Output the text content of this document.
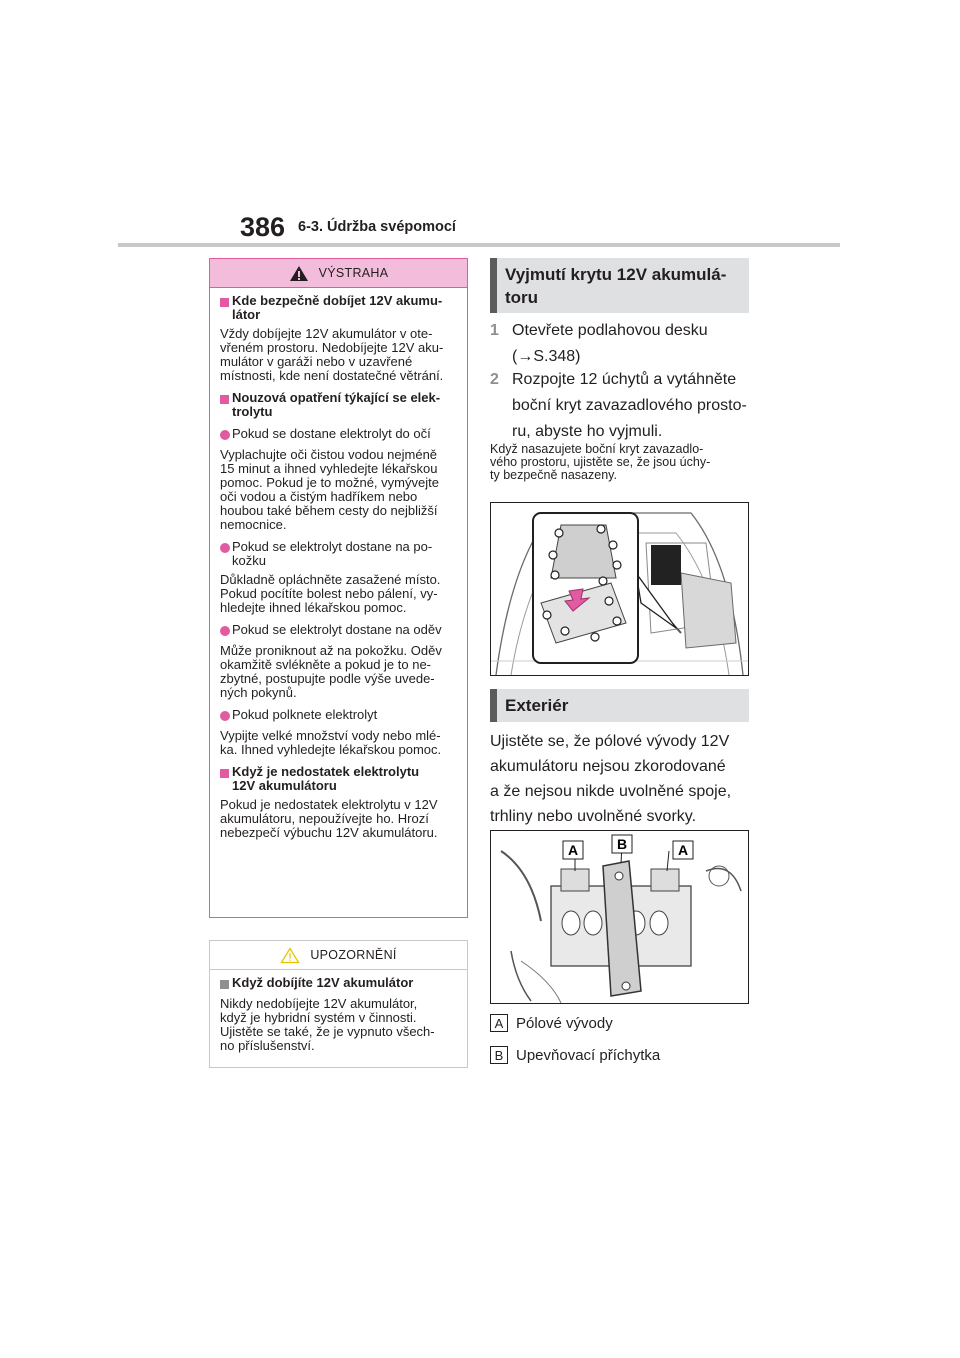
386 6-3. Údržba svépomocí
VÝSTRAHA
Kde bezpečně dobíjet 12V akumu-
látor
Vždy dobíjejte 12V akumulátor v ote-
vřeném prostoru. Nedobíjejte 12V aku-
mulátor v garáži nebo v uzavřené
místnosti, kde není dostatečné větrání.
Nouzová opatření týkající se elek-
trolytu
Pokud se dostane elektrolyt do očí
Vyplachujte oči čistou vodou nejméně
15 minut a ihned vyhledejte lékařskou
pomoc. Pokud je to možné, vymývejte
oči vodou a čistým hadříkem nebo
houbou také během cesty do nejbližší
nemocnice.
Pokud se elektrolyt dostane na po-
kožku
Důkladně opláchněte zasažené místo.
Pokud pocítíte bolest nebo pálení, vy-
hledejte ihned lékařskou pomoc.
Pokud se elektrolyt dostane na oděv
Může proniknout až na pokožku. Oděv
okamžitě svlékněte a pokud je to ne-
zbytné, postupujte podle výše uvede-
ných pokynů.
Pokud polknete elektrolyt
Vypijte velké množství vody nebo mlé-
ka. Ihned vyhledejte lékařskou pomoc.
Když je nedostatek elektrolytu
12V akumulátoru
Pokud je nedostatek elektrolytu v 12V
akumulátoru, nepoužívejte ho. Hrozí
nebezpečí výbuchu 12V akumulátoru.
UPOZORNĚNÍ
Když dobíjíte 12V akumulátor
Nikdy nedobíjejte 12V akumulátor,
když je hybridní systém v činnosti.
Ujistěte se také, že je vypnuto všech-
no příslušenství.
Vyjmutí krytu 12V akumulá-
toru
1 Otevřete podlahovou desku
(→S.348)
2 Rozpojte 12 úchytů a vytáhněte
boční kryt zavazadlového prosto-
ru, abyste ho vyjmuli.
Když nasazujete boční kryt zavazadlo-
vého prostoru, ujistěte se, že jsou úchy-
ty bezpečně nasazeny.
Exteriér
Ujistěte se, že pólové vývody 12V
akumulátoru nejsou zkorodované
a že nejsou nikde uvolněné spoje,
trhliny nebo uvolněné svorky.
A	B	A
A Pólové vývody
B Upevňovací příchytka
